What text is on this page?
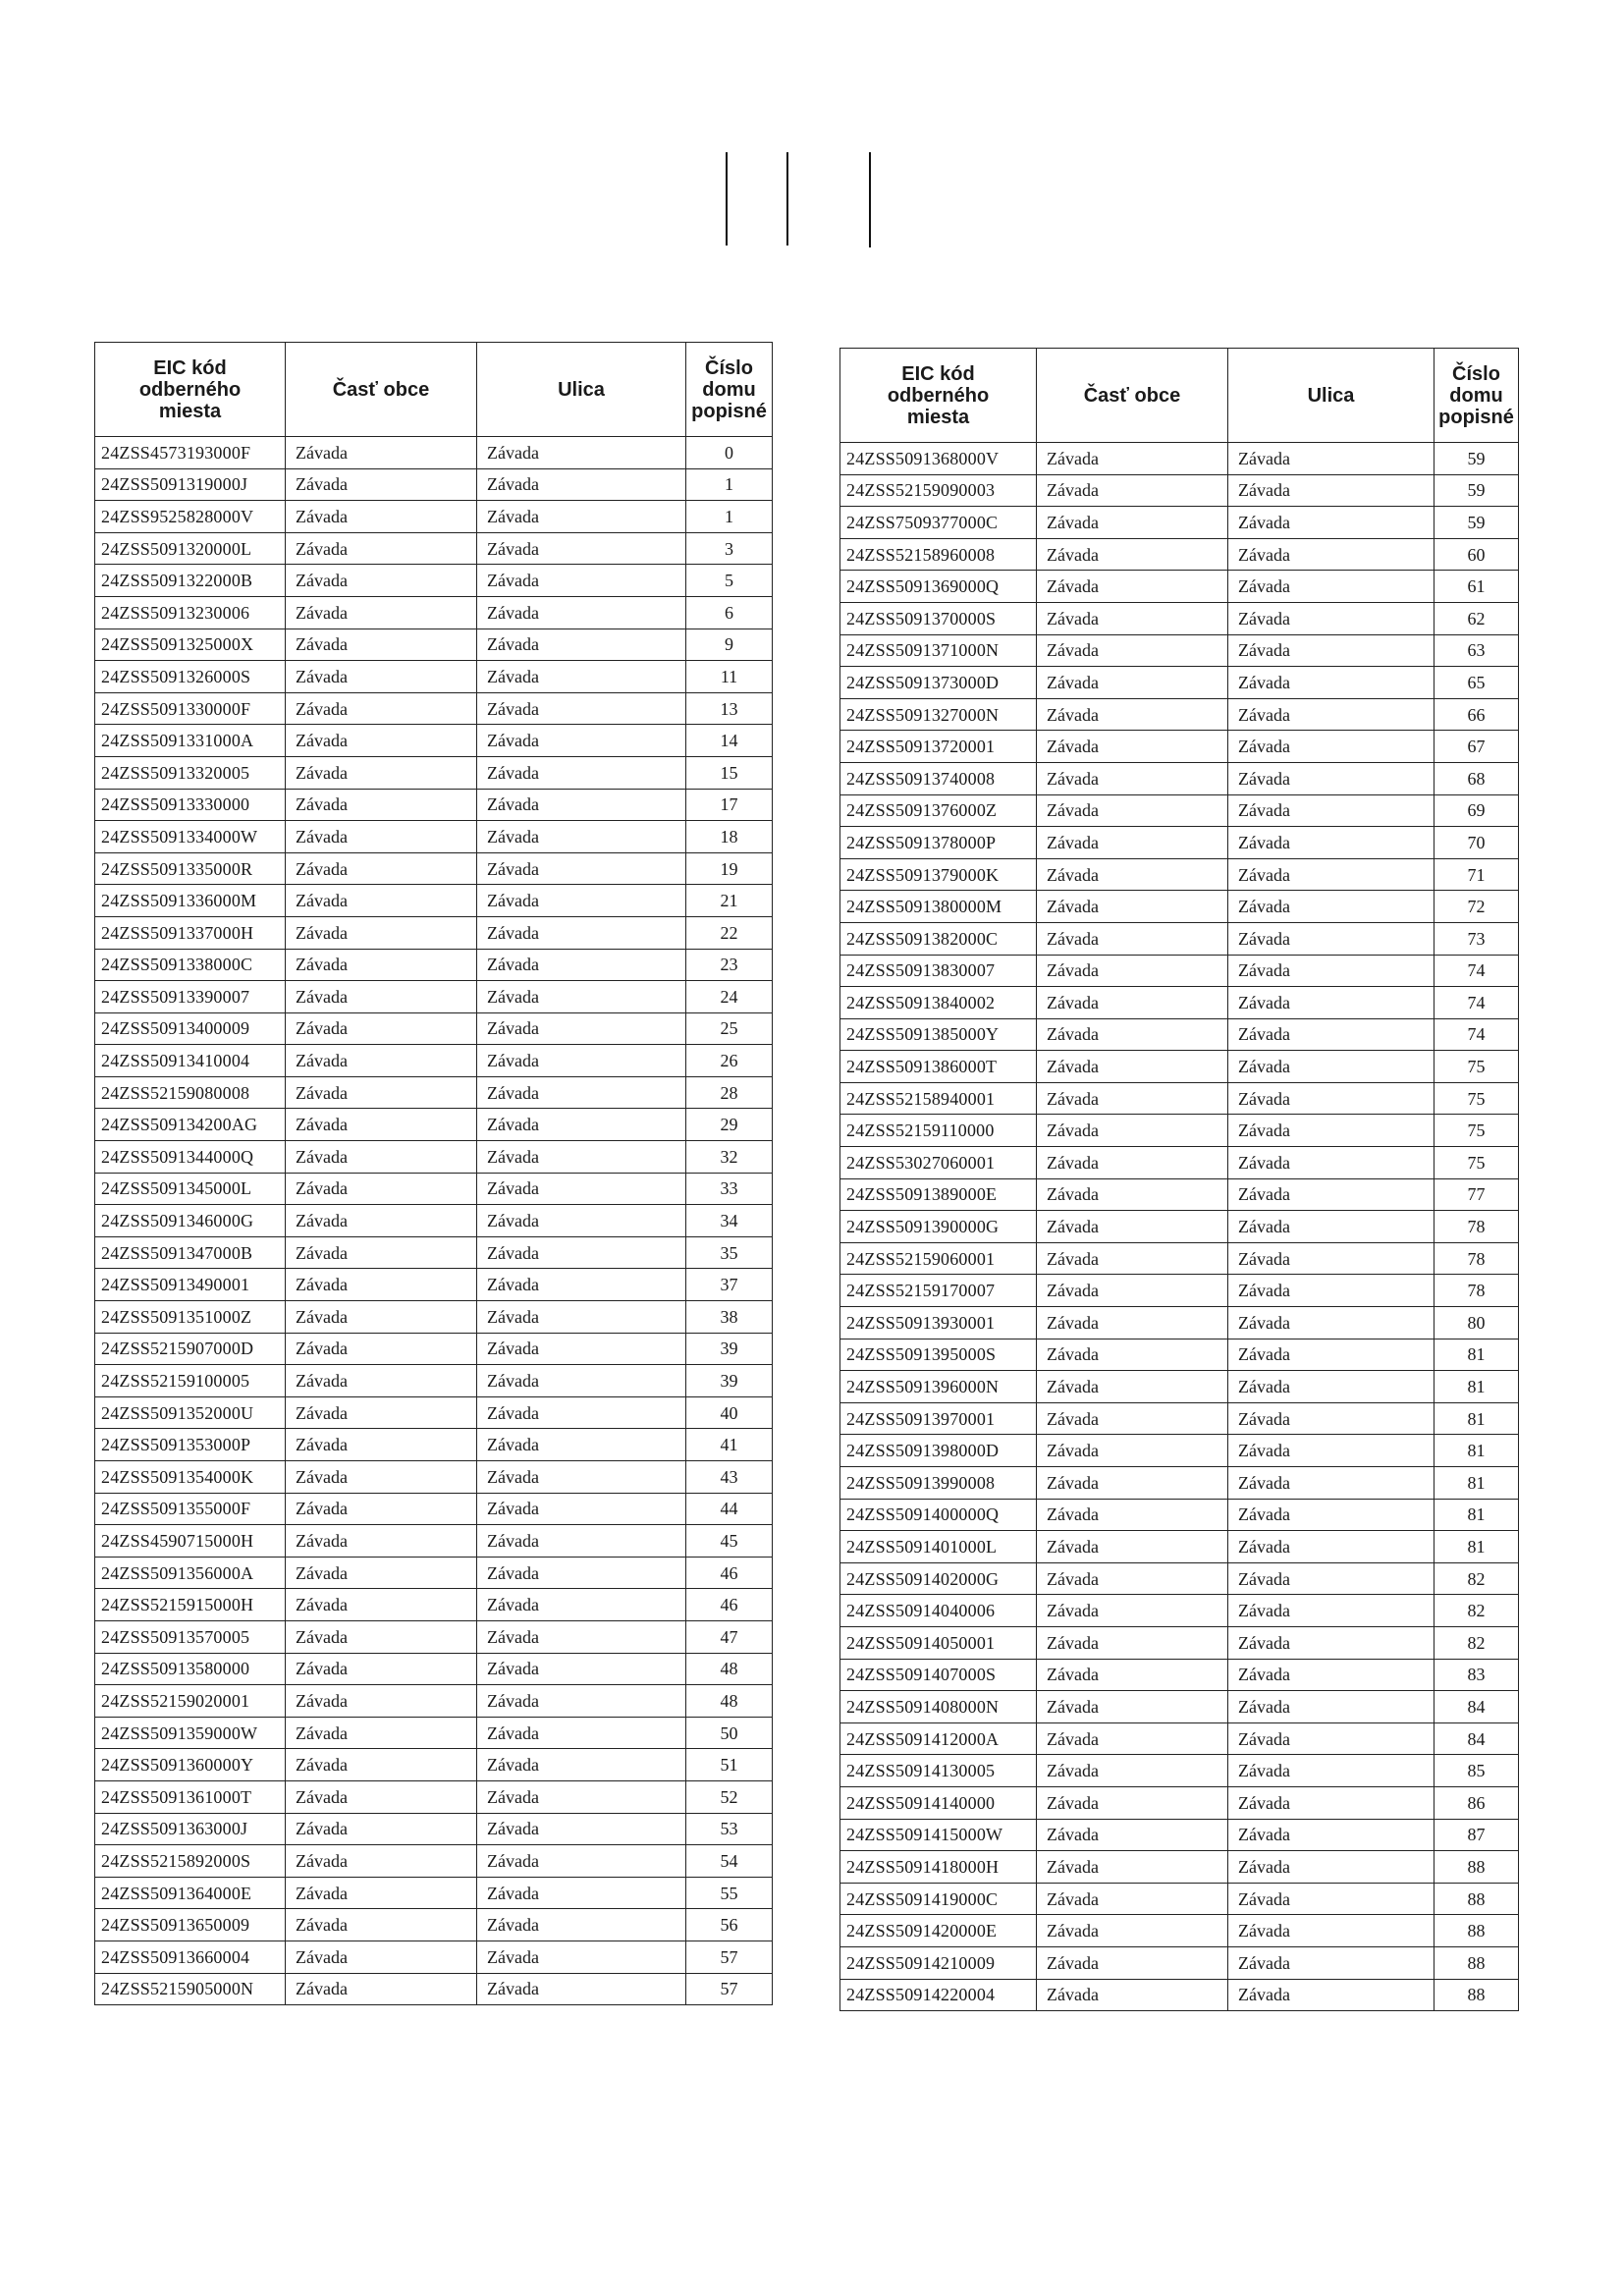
EIC kód
odberného
miesta	Časť obce	Ulica	Číslo
domu
popisné
24ZSS4573193000F	Závada	Závada	0
24ZSS5091319000J	Závada	Závada	1
24ZSS9525828000V	Závada	Závada	1
24ZSS5091320000L	Závada	Závada	3
24ZSS5091322000B	Závada	Závada	5
24ZSS50913230006	Závada	Závada	6
24ZSS5091325000X	Závada	Závada	9
24ZSS5091326000S	Závada	Závada	11
24ZSS5091330000F	Závada	Závada	13
24ZSS5091331000A	Závada	Závada	14
24ZSS50913320005	Závada	Závada	15
24ZSS50913330000	Závada	Závada	17
24ZSS5091334000W	Závada	Závada	18
24ZSS5091335000R	Závada	Závada	19
24ZSS5091336000M	Závada	Závada	21
24ZSS5091337000H	Závada	Závada	22
24ZSS5091338000C	Závada	Závada	23
24ZSS50913390007	Závada	Závada	24
24ZSS50913400009	Závada	Závada	25
24ZSS50913410004	Závada	Závada	26
24ZSS52159080008	Závada	Závada	28
24ZSS509134200AG	Závada	Závada	29
24ZSS5091344000Q	Závada	Závada	32
24ZSS5091345000L	Závada	Závada	33
24ZSS5091346000G	Závada	Závada	34
24ZSS5091347000B	Závada	Závada	35
24ZSS50913490001	Závada	Závada	37
24ZSS5091351000Z	Závada	Závada	38
24ZSS5215907000D	Závada	Závada	39
24ZSS52159100005	Závada	Závada	39
24ZSS5091352000U	Závada	Závada	40
24ZSS5091353000P	Závada	Závada	41
24ZSS5091354000K	Závada	Závada	43
24ZSS5091355000F	Závada	Závada	44
24ZSS4590715000H	Závada	Závada	45
24ZSS5091356000A	Závada	Závada	46
24ZSS5215915000H	Závada	Závada	46
24ZSS50913570005	Závada	Závada	47
24ZSS50913580000	Závada	Závada	48
24ZSS52159020001	Závada	Závada	48
24ZSS5091359000W	Závada	Závada	50
24ZSS5091360000Y	Závada	Závada	51
24ZSS5091361000T	Závada	Závada	52
24ZSS5091363000J	Závada	Závada	53
24ZSS5215892000S	Závada	Závada	54
24ZSS5091364000E	Závada	Závada	55
24ZSS50913650009	Závada	Závada	56
24ZSS50913660004	Závada	Závada	57
24ZSS5215905000N	Závada	Závada	57
EIC kód
odberného
miesta	Časť obce	Ulica	Číslo
domu
popisné
24ZSS5091368000V	Závada	Závada	59
24ZSS52159090003	Závada	Závada	59
24ZSS7509377000C	Závada	Závada	59
24ZSS52158960008	Závada	Závada	60
24ZSS5091369000Q	Závada	Závada	61
24ZSS5091370000S	Závada	Závada	62
24ZSS5091371000N	Závada	Závada	63
24ZSS5091373000D	Závada	Závada	65
24ZSS5091327000N	Závada	Závada	66
24ZSS50913720001	Závada	Závada	67
24ZSS50913740008	Závada	Závada	68
24ZSS5091376000Z	Závada	Závada	69
24ZSS5091378000P	Závada	Závada	70
24ZSS5091379000K	Závada	Závada	71
24ZSS5091380000M	Závada	Závada	72
24ZSS5091382000C	Závada	Závada	73
24ZSS50913830007	Závada	Závada	74
24ZSS50913840002	Závada	Závada	74
24ZSS5091385000Y	Závada	Závada	74
24ZSS5091386000T	Závada	Závada	75
24ZSS52158940001	Závada	Závada	75
24ZSS52159110000	Závada	Závada	75
24ZSS53027060001	Závada	Závada	75
24ZSS5091389000E	Závada	Závada	77
24ZSS5091390000G	Závada	Závada	78
24ZSS52159060001	Závada	Závada	78
24ZSS52159170007	Závada	Závada	78
24ZSS50913930001	Závada	Závada	80
24ZSS5091395000S	Závada	Závada	81
24ZSS5091396000N	Závada	Závada	81
24ZSS50913970001	Závada	Závada	81
24ZSS5091398000D	Závada	Závada	81
24ZSS50913990008	Závada	Závada	81
24ZSS5091400000Q	Závada	Závada	81
24ZSS5091401000L	Závada	Závada	81
24ZSS5091402000G	Závada	Závada	82
24ZSS50914040006	Závada	Závada	82
24ZSS50914050001	Závada	Závada	82
24ZSS5091407000S	Závada	Závada	83
24ZSS5091408000N	Závada	Závada	84
24ZSS5091412000A	Závada	Závada	84
24ZSS50914130005	Závada	Závada	85
24ZSS50914140000	Závada	Závada	86
24ZSS5091415000W	Závada	Závada	87
24ZSS5091418000H	Závada	Závada	88
24ZSS5091419000C	Závada	Závada	88
24ZSS5091420000E	Závada	Závada	88
24ZSS50914210009	Závada	Závada	88
24ZSS50914220004	Závada	Závada	88
